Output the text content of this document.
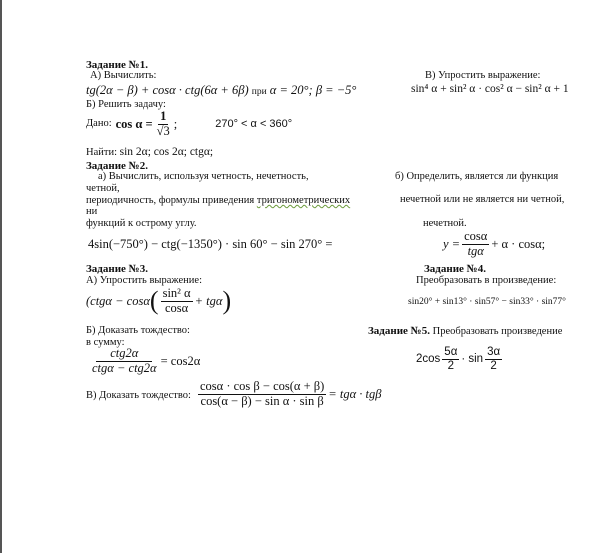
Задание №1.
А) Вычислить:
tg(2α − β) + cosα · ctg(6α + 6β) при α = 20°; β = −5°
Б) Решить задачу:
Дано: $\cos \alpha = \frac{1}{√3}$ ;	270° < α < 360°
Найти: sin 2α; cos 2α; ctgα;
В) Упростить выражение:
sin⁴ α + sin² α · cos² α − sin² α + 1
Задание №2.
а) Вычислить, используя четность, нечетность,
четной,
периодичность, формулы приведения тригонометрических
ни
функций к острому углу.
4sin(−750°) − ctg(−1350°) · sin 60° − sin 270° =
б) Определить, является ли функция
нечетной или не является ни четной,
нечетной.
$y = \frac{\cos\alpha}{\text{tgα}} + \alpha \cdot \cos\alpha$;
Задание №3.
А) Упростить выражение:
(ctgα − cosα ( $\frac{\text{sin² α}}{\cos\alpha} + tg\alpha$ )
Б) Доказать тождество:
в сумму:
$\frac{\text{ctg2α}}{\text{ctgα − ctg2α}} = \cos 2\alpha$
В) Доказать тождество: $\frac{\text{cosα · cos β − cos(α + β)}}{\text{cos(α − β) − sin α · sin β}} = tg\alpha \cdot tg\beta$
Задание №4.
Преобразовать в произведение:
sin20° + sin13° · sin57° − sin33° · sin77°
Задание №5. Преобразовать произведение
$2\cos \frac{5\alpha}{2} \cdot \sin \frac{3\alpha}{2}$
